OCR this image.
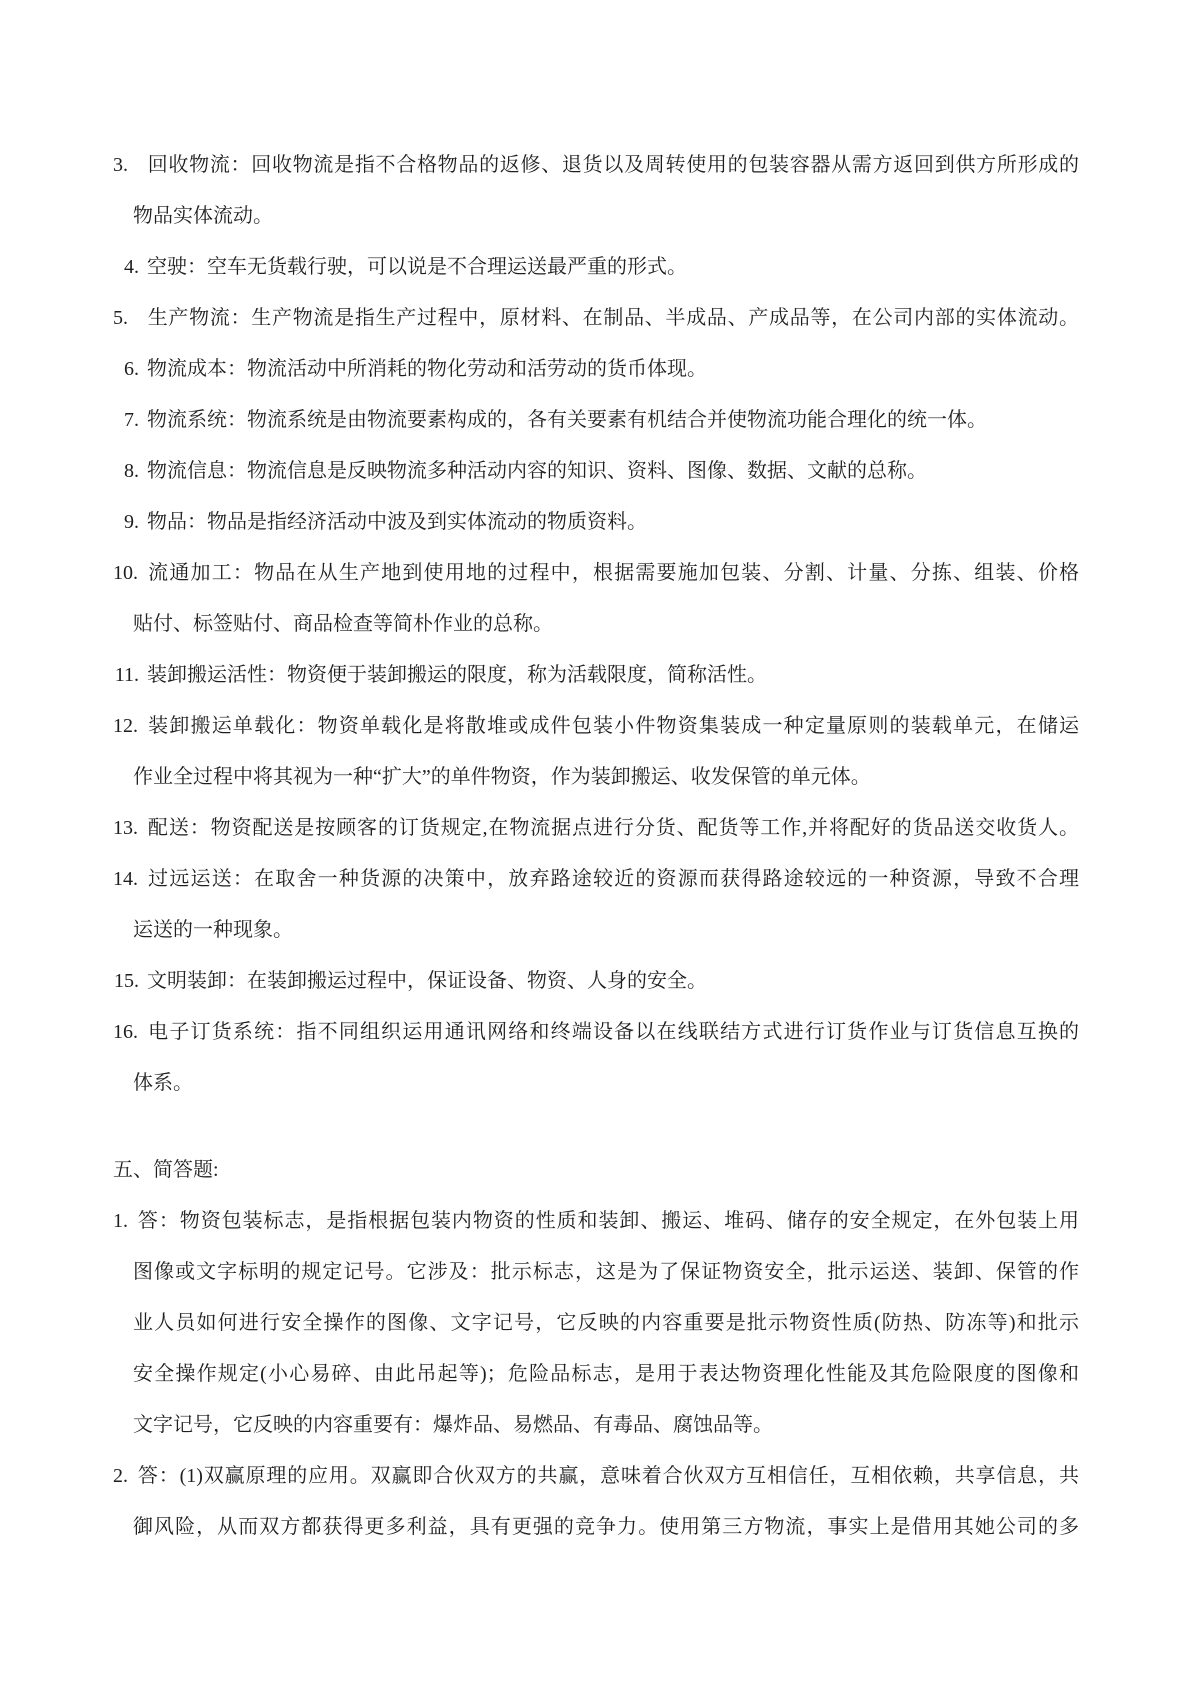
3. 回收物流：回收物流是指不合格物品的返修、退货以及周转使用的包装容器从需方返回到供方所形成的
物品实体流动。
4. 空驶：空车无货载行驶，可以说是不合理运送最严重的形式。
5. 生产物流：生产物流是指生产过程中，原材料、在制品、半成品、产成品等，在公司内部的实体流动。
6. 物流成本：物流活动中所消耗的物化劳动和活劳动的货币体现。
7. 物流系统：物流系统是由物流要素构成的，各有关要素有机结合并使物流功能合理化的统一体。
8. 物流信息：物流信息是反映物流多种活动内容的知识、资料、图像、数据、文献的总称。
9. 物品：物品是指经济活动中波及到实体流动的物质资料。
10. 流通加工：物品在从生产地到使用地的过程中，根据需要施加包装、分割、计量、分拣、组装、价格
贴付、标签贴付、商品检查等简朴作业的总称。
11. 装卸搬运活性：物资便于装卸搬运的限度，称为活载限度，简称活性。
12. 装卸搬运单载化：物资单载化是将散堆或成件包装小件物资集装成一种定量原则的装载单元，在储运
作业全过程中将其视为一种“扩大”的单件物资，作为装卸搬运、收发保管的单元体。
13. 配送：物资配送是按顾客的订货规定,在物流据点进行分货、配货等工作,并将配好的货品送交收货人。
14. 过远运送：在取舍一种货源的决策中，放弃路途较近的资源而获得路途较远的一种资源，导致不合理
运送的一种现象。
15. 文明装卸：在装卸搬运过程中，保证设备、物资、人身的安全。
16. 电子订货系统：指不同组织运用通讯网络和终端设备以在线联结方式进行订货作业与订货信息互换的
体系。
五、简答题:
1. 答：物资包装标志，是指根据包装内物资的性质和装卸、搬运、堆码、储存的安全规定，在外包装上用
图像或文字标明的规定记号。它涉及：批示标志，这是为了保证物资安全，批示运送、装卸、保管的作
业人员如何进行安全操作的图像、文字记号，它反映的内容重要是批示物资性质(防热、防冻等)和批示
安全操作规定(小心易碎、由此吊起等)；危险品标志，是用于表达物资理化性能及其危险限度的图像和
文字记号，它反映的内容重要有：爆炸品、易燃品、有毒品、腐蚀品等。
2. 答：(1)双赢原理的应用。双赢即合伙双方的共赢，意味着合伙双方互相信任，互相依赖，共享信息，共
御风险，从而双方都获得更多利益，具有更强的竞争力。使用第三方物流，事实上是借用其她公司的多
